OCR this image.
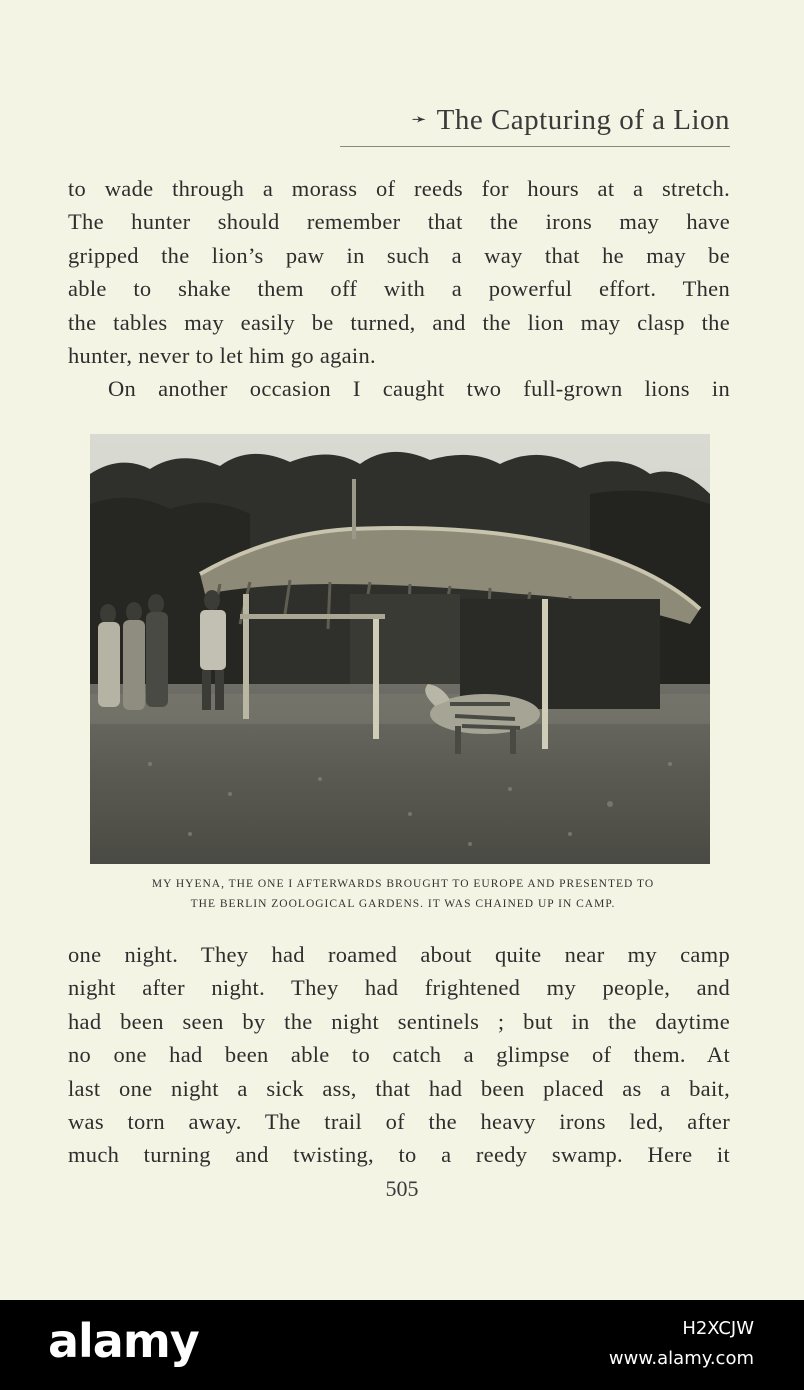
➛ The Capturing of a Lion
to wade through a morass of reeds for hours at a stretch.
The hunter should remember that the irons may have
gripped the lion’s paw in such a way that he may be
able to shake them off with a powerful effort. Then
the tables may easily be turned, and the lion may clasp the
hunter, never to let him go again.
On another occasion I caught two full-grown lions in
MY HYENA, THE ONE I AFTERWARDS BROUGHT TO EUROPE AND PRESENTED TO
THE BERLIN ZOOLOGICAL GARDENS. IT WAS CHAINED UP IN CAMP.
one night. They had roamed about quite near my camp
night after night. They had frightened my people, and
had been seen by the night sentinels ; but in the daytime
no one had been able to catch a glimpse of them. At
last one night a sick ass, that had been placed as a bait,
was torn away. The trail of the heavy irons led, after
much turning and twisting, to a reedy swamp. Here it
505
alamy	H2XCJW
www.alamy.com
